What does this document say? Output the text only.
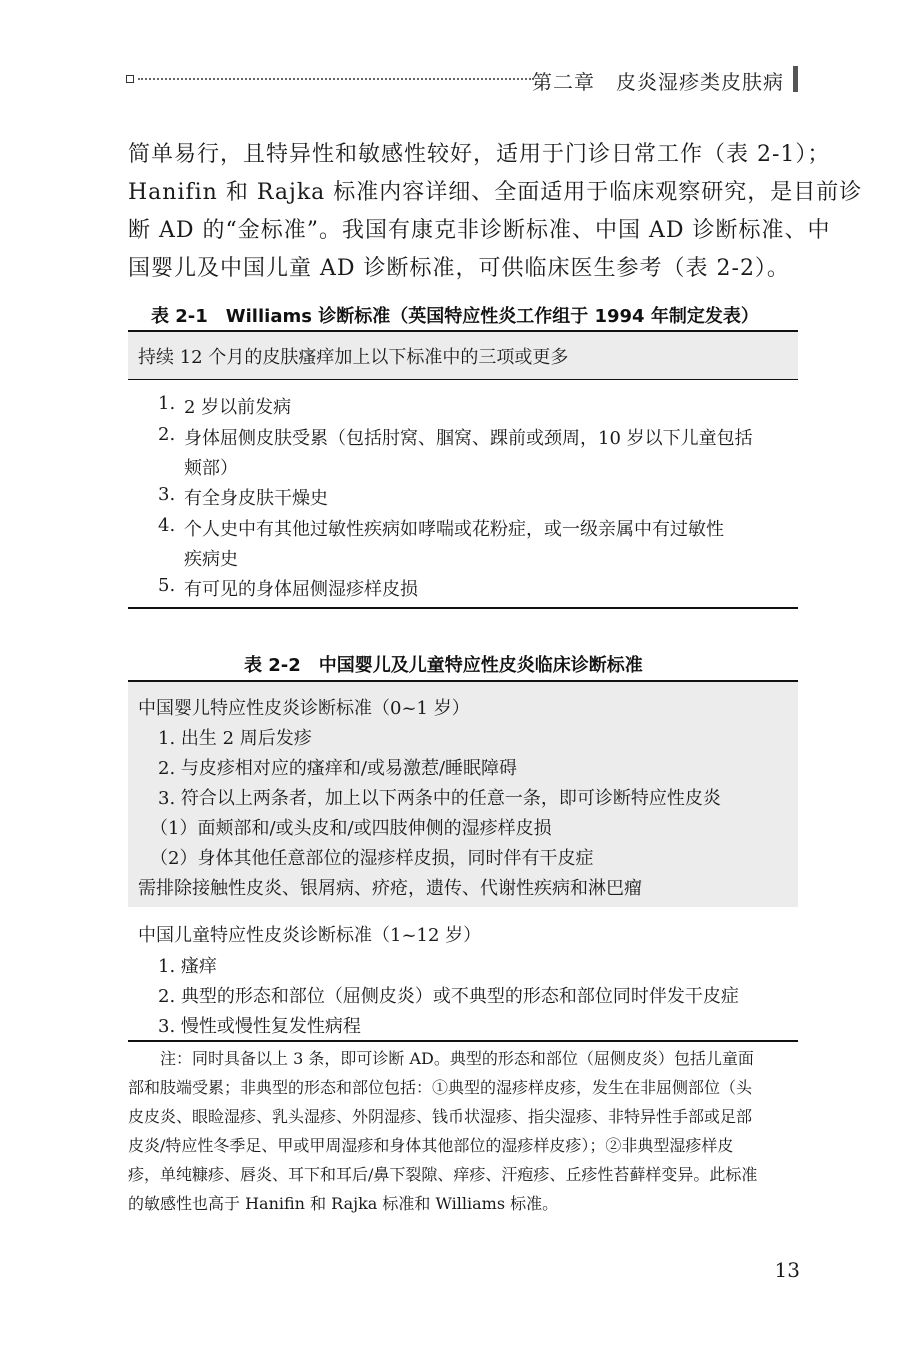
第二章　皮炎湿疹类皮肤病
简单易行，且特异性和敏感性较好，适用于门诊日常工作（表 2-1）；
Hanifin 和 Rajka 标准内容详细、全面适用于临床观察研究，是目前诊
断 AD 的“金标准”。我国有康克非诊断标准、中国 AD 诊断标准、中
国婴儿及中国儿童 AD 诊断标准，可供临床医生参考（表 2-2）。
表 2-1　Williams 诊断标准（英国特应性炎工作组于 1994 年制定发表）
持续 12 个月的皮肤瘙痒加上以下标准中的三项或更多
1. 2 岁以前发病
2. 身体屈侧皮肤受累（包括肘窝、腘窝、踝前或颈周，10 岁以下儿童包括
颊部）
3. 有全身皮肤干燥史
4. 个人史中有其他过敏性疾病如哮喘或花粉症，或一级亲属中有过敏性
疾病史
5. 有可见的身体屈侧湿疹样皮损
表 2-2　中国婴儿及儿童特应性皮炎临床诊断标准
中国婴儿特应性皮炎诊断标准（0~1 岁）
1. 出生 2 周后发疹
2. 与皮疹相对应的瘙痒和/或易激惹/睡眠障碍
3. 符合以上两条者，加上以下两条中的任意一条，即可诊断特应性皮炎
（1）面颊部和/或头皮和/或四肢伸侧的湿疹样皮损
（2）身体其他任意部位的湿疹样皮损，同时伴有干皮症
需排除接触性皮炎、银屑病、疥疮，遗传、代谢性疾病和淋巴瘤
中国儿童特应性皮炎诊断标准（1~12 岁）
1. 瘙痒
2. 典型的形态和部位（屈侧皮炎）或不典型的形态和部位同时伴发干皮症
3. 慢性或慢性复发性病程
　　注：同时具备以上 3 条，即可诊断 AD。典型的形态和部位（屈侧皮炎）包括儿童面
部和肢端受累；非典型的形态和部位包括：①典型的湿疹样皮疹，发生在非屈侧部位（头
皮皮炎、眼睑湿疹、乳头湿疹、外阴湿疹、钱币状湿疹、指尖湿疹、非特异性手部或足部
皮炎/特应性冬季足、甲或甲周湿疹和身体其他部位的湿疹样皮疹）；②非典型湿疹样皮
疹，单纯糠疹、唇炎、耳下和耳后/鼻下裂隙、痒疹、汗疱疹、丘疹性苔藓样变异。此标准
的敏感性也高于 Hanifin 和 Rajka 标准和 Williams 标准。
13
